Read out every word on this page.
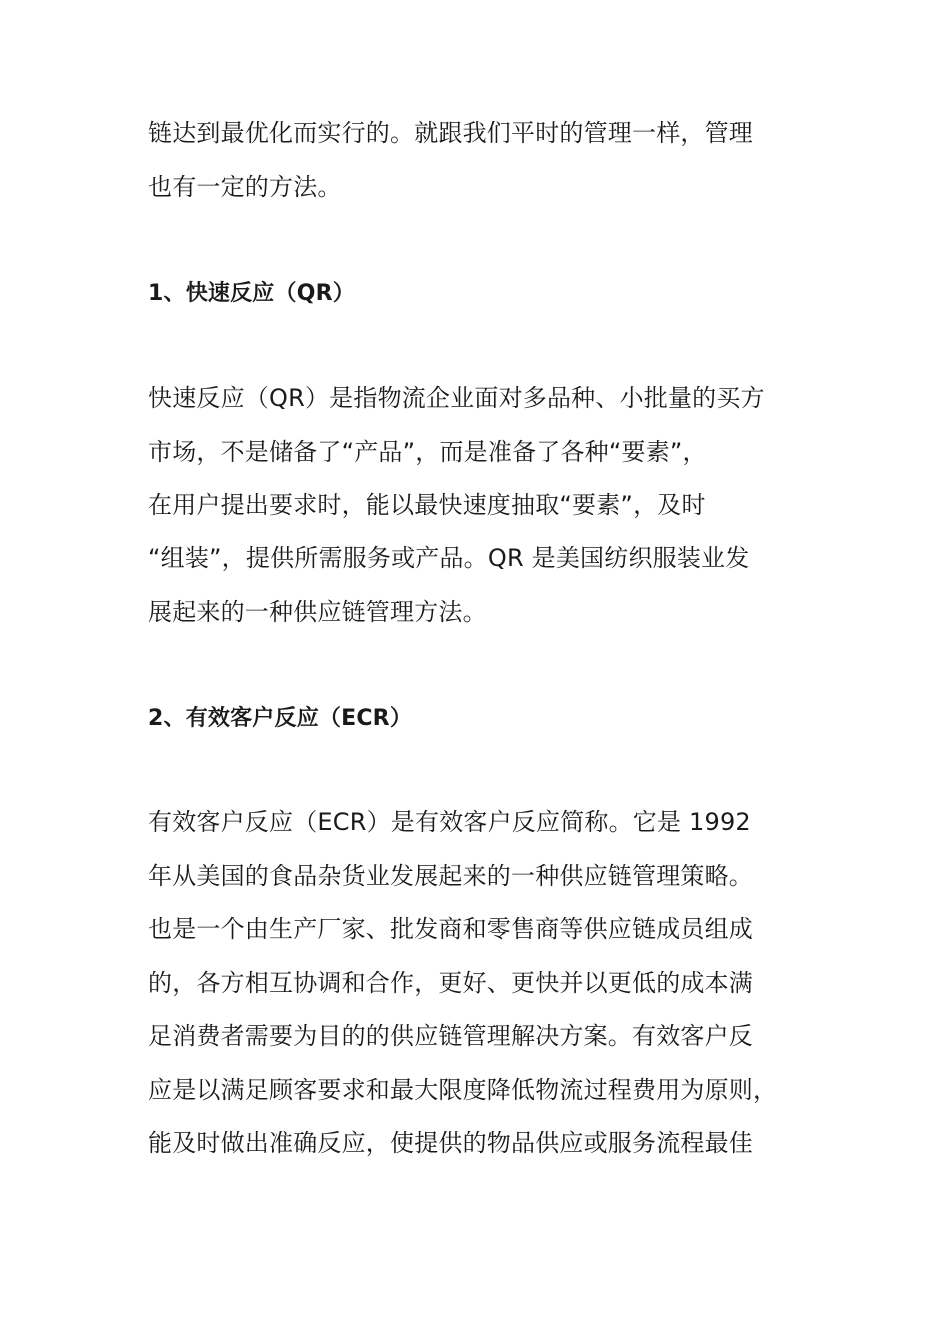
链达到最优化而实行的。就跟我们平时的管理一样，管理
也有一定的方法。
1、快速反应（QR）
快速反应（QR）是指物流企业面对多品种、小批量的买方
市场，不是储备了“产品”，而是准备了各种“要素”，
在用户提出要求时，能以最快速度抽取“要素”，及时
“组装”，提供所需服务或产品。QR 是美国纺织服装业发
展起来的一种供应链管理方法。
2、有效客户反应（ECR）
有效客户反应（ECR）是有效客户反应简称。它是 1992
年从美国的食品杂货业发展起来的一种供应链管理策略。
也是一个由生产厂家、批发商和零售商等供应链成员组成
的，各方相互协调和合作，更好、更快并以更低的成本满
足消费者需要为目的的供应链管理解决方案。有效客户反
应是以满足顾客要求和最大限度降低物流过程费用为原则，
能及时做出准确反应，使提供的物品供应或服务流程最佳
